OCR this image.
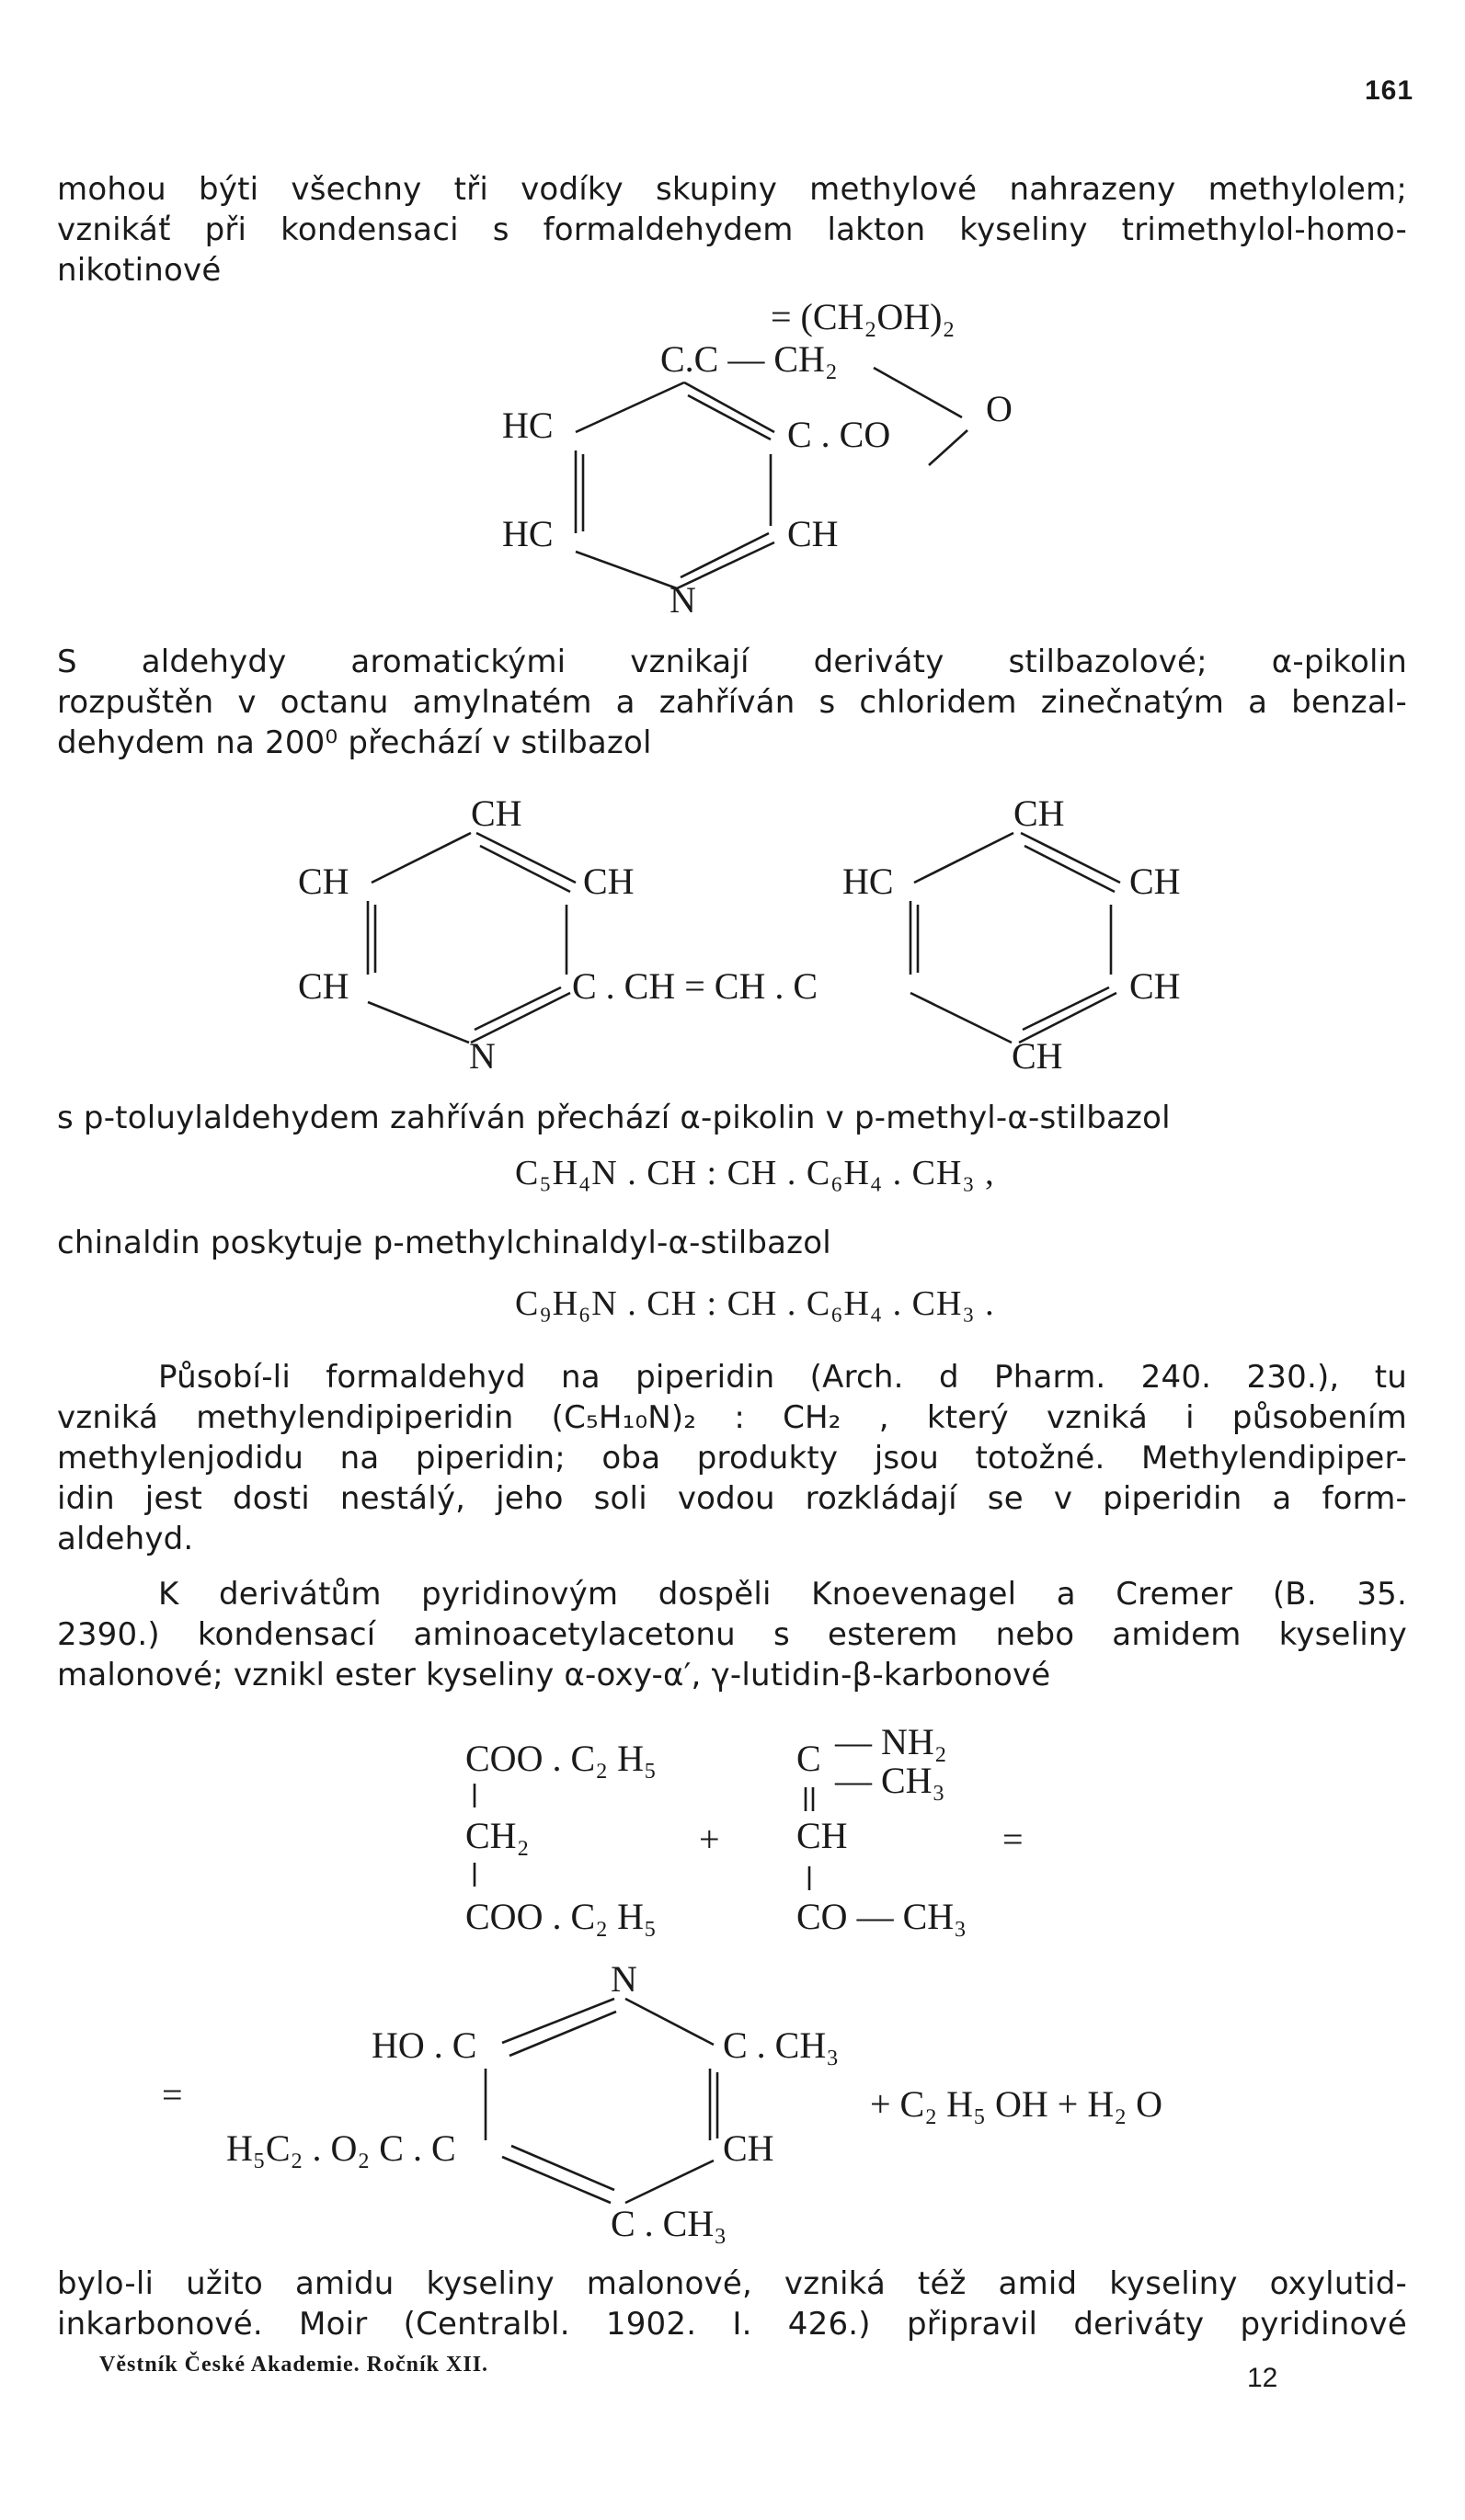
161
mohou býti všechny tři vodíky skupiny methylové nahrazeny methylolem;
vznikáť při kondensaci s formaldehydem lakton kyseliny trimethylol-homo-
nikotinové
= (CH₂OH)₂
C.C — CH₂
HC	C . CO
O
HC	CH
N
S aldehydy aromatickými vznikají deriváty stilbazolové; α-pikolin
rozpuštěn v octanu amylnatém a zahříván s chloridem zinečnatým a benzal-
dehydem na 200⁰ přechází v stilbazol
CH	CH
CH	CH	HC	CH
CH	C . CH = CH . C	CH
N	CH
s p-toluylaldehydem zahříván přechází α-pikolin v p-methyl-α-stilbazol
C₅H₄N . CH : CH . C₆H₄ . CH₃ ,
chinaldin poskytuje p-methylchinaldyl-α-stilbazol
C₉H₆N . CH : CH . C₆H₄ . CH₃ .
Působí-li formaldehyd na piperidin (Arch. d Pharm. 240. 230.), tu
vzniká methylendipiperidin (C₅H₁₀N)₂ : CH₂ , který vzniká i působením
methylenjodidu na piperidin; oba produkty jsou totožné. Methylendipiper-
idin jest dosti nestálý, jeho soli vodou rozkládají se v piperidin a form-
aldehyd.
K derivátům pyridinovým dospěli Knoevenagel a Cremer (B. 35.
2390.) kondensací aminoacetylacetonu s esterem nebo amidem kyseliny
malonové; vznikl ester kyseliny α-oxy-α′, γ-lutidin-β-karbonové
COO . C₂ H₅
CH₂
COO . C₂ H₅
+
C — NH₂
— CH₃
CH
CO — CH₃
=
N
HO . C	C . CH₃
=
H₅C₂ . O₂ C . C	CH
C . CH₃
+ C₂ H₅ OH + H₂ O
bylo-li užito amidu kyseliny malonové, vzniká též amid kyseliny oxylutid-
inkarbonové. Moir (Centralbl. 1902. I. 426.) připravil deriváty pyridinové
Věstník České Akademie. Ročník XII.	12
